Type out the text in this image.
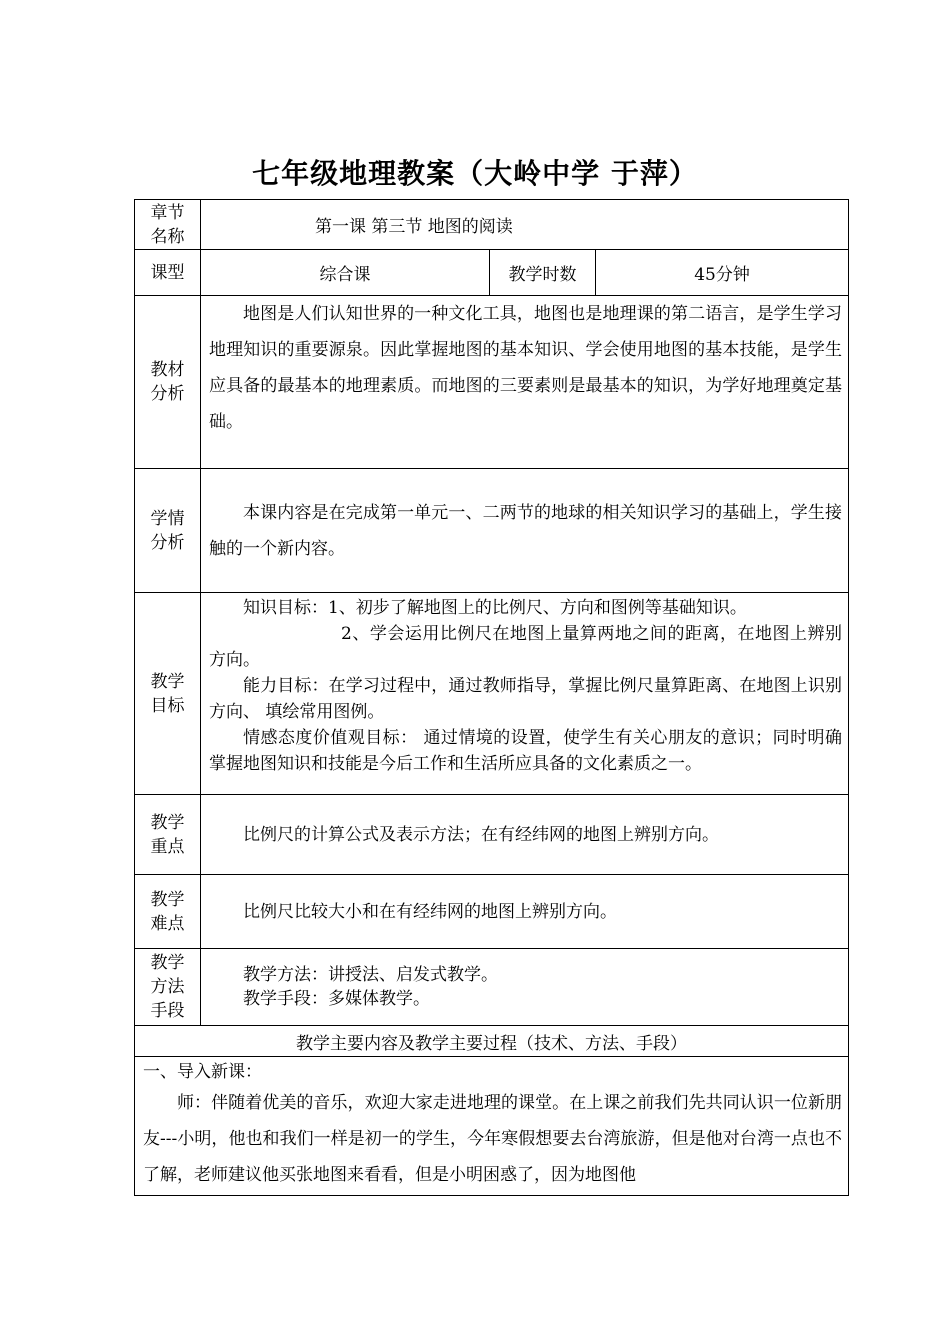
七年级地理教案（大岭中学 于萍）
章节名称	第一课 第三节 地图的阅读		
课型	综合课	教学时数	45分钟
教材分析	地图是人们认知世界的一种文化工具，地图也是地理课的第二语言，是学生学习地理知识的重要源泉。因此掌握地图的基本知识、学会使用地图的基本技能，是学生应具备的最基本的地理素质。而地图的三要素则是最基本的知识，为学好地理奠定基础。		

学情分析	本课内容是在完成第一单元一、二两节的地球的相关知识学习的基础上，学生接触的一个新内容。		

教学目标	知识目标：1、初步了解地图上的比例尺、方向和图例等基础知识。

2、学会运用比例尺在地图上量算两地之间的距离，在地图上辨别方向。

能力目标：在学习过程中，通过教师指导，掌握比例尺量算距离、在地图上识别方向、 填绘常用图例。

情感态度价值观目标： 通过情境的设置，使学生有关心朋友的意识；同时明确掌握地图知识和技能是今后工作和生活所应具备的文化素质之一。		

教学重点	比例尺的计算公式及表示方法；在有经纬网的地图上辨别方向。		

教学难点	比例尺比较大小和在有经纬网的地图上辨别方向。		

教学方法手段	教学方法：讲授法、启发式教学。
教学手段：多媒体教学。		

教学主要内容及教学主要过程（技术、方法、手段）			

一、导入新课：

师：伴随着优美的音乐，欢迎大家走进地理的课堂。在上课之前我们先共同认识一位新朋友---小明，他也和我们一样是初一的学生，今年寒假想要去台湾旅游，但是他对台湾一点也不了解，老师建议他买张地图来看看，但是小明困惑了，因为地图他			
